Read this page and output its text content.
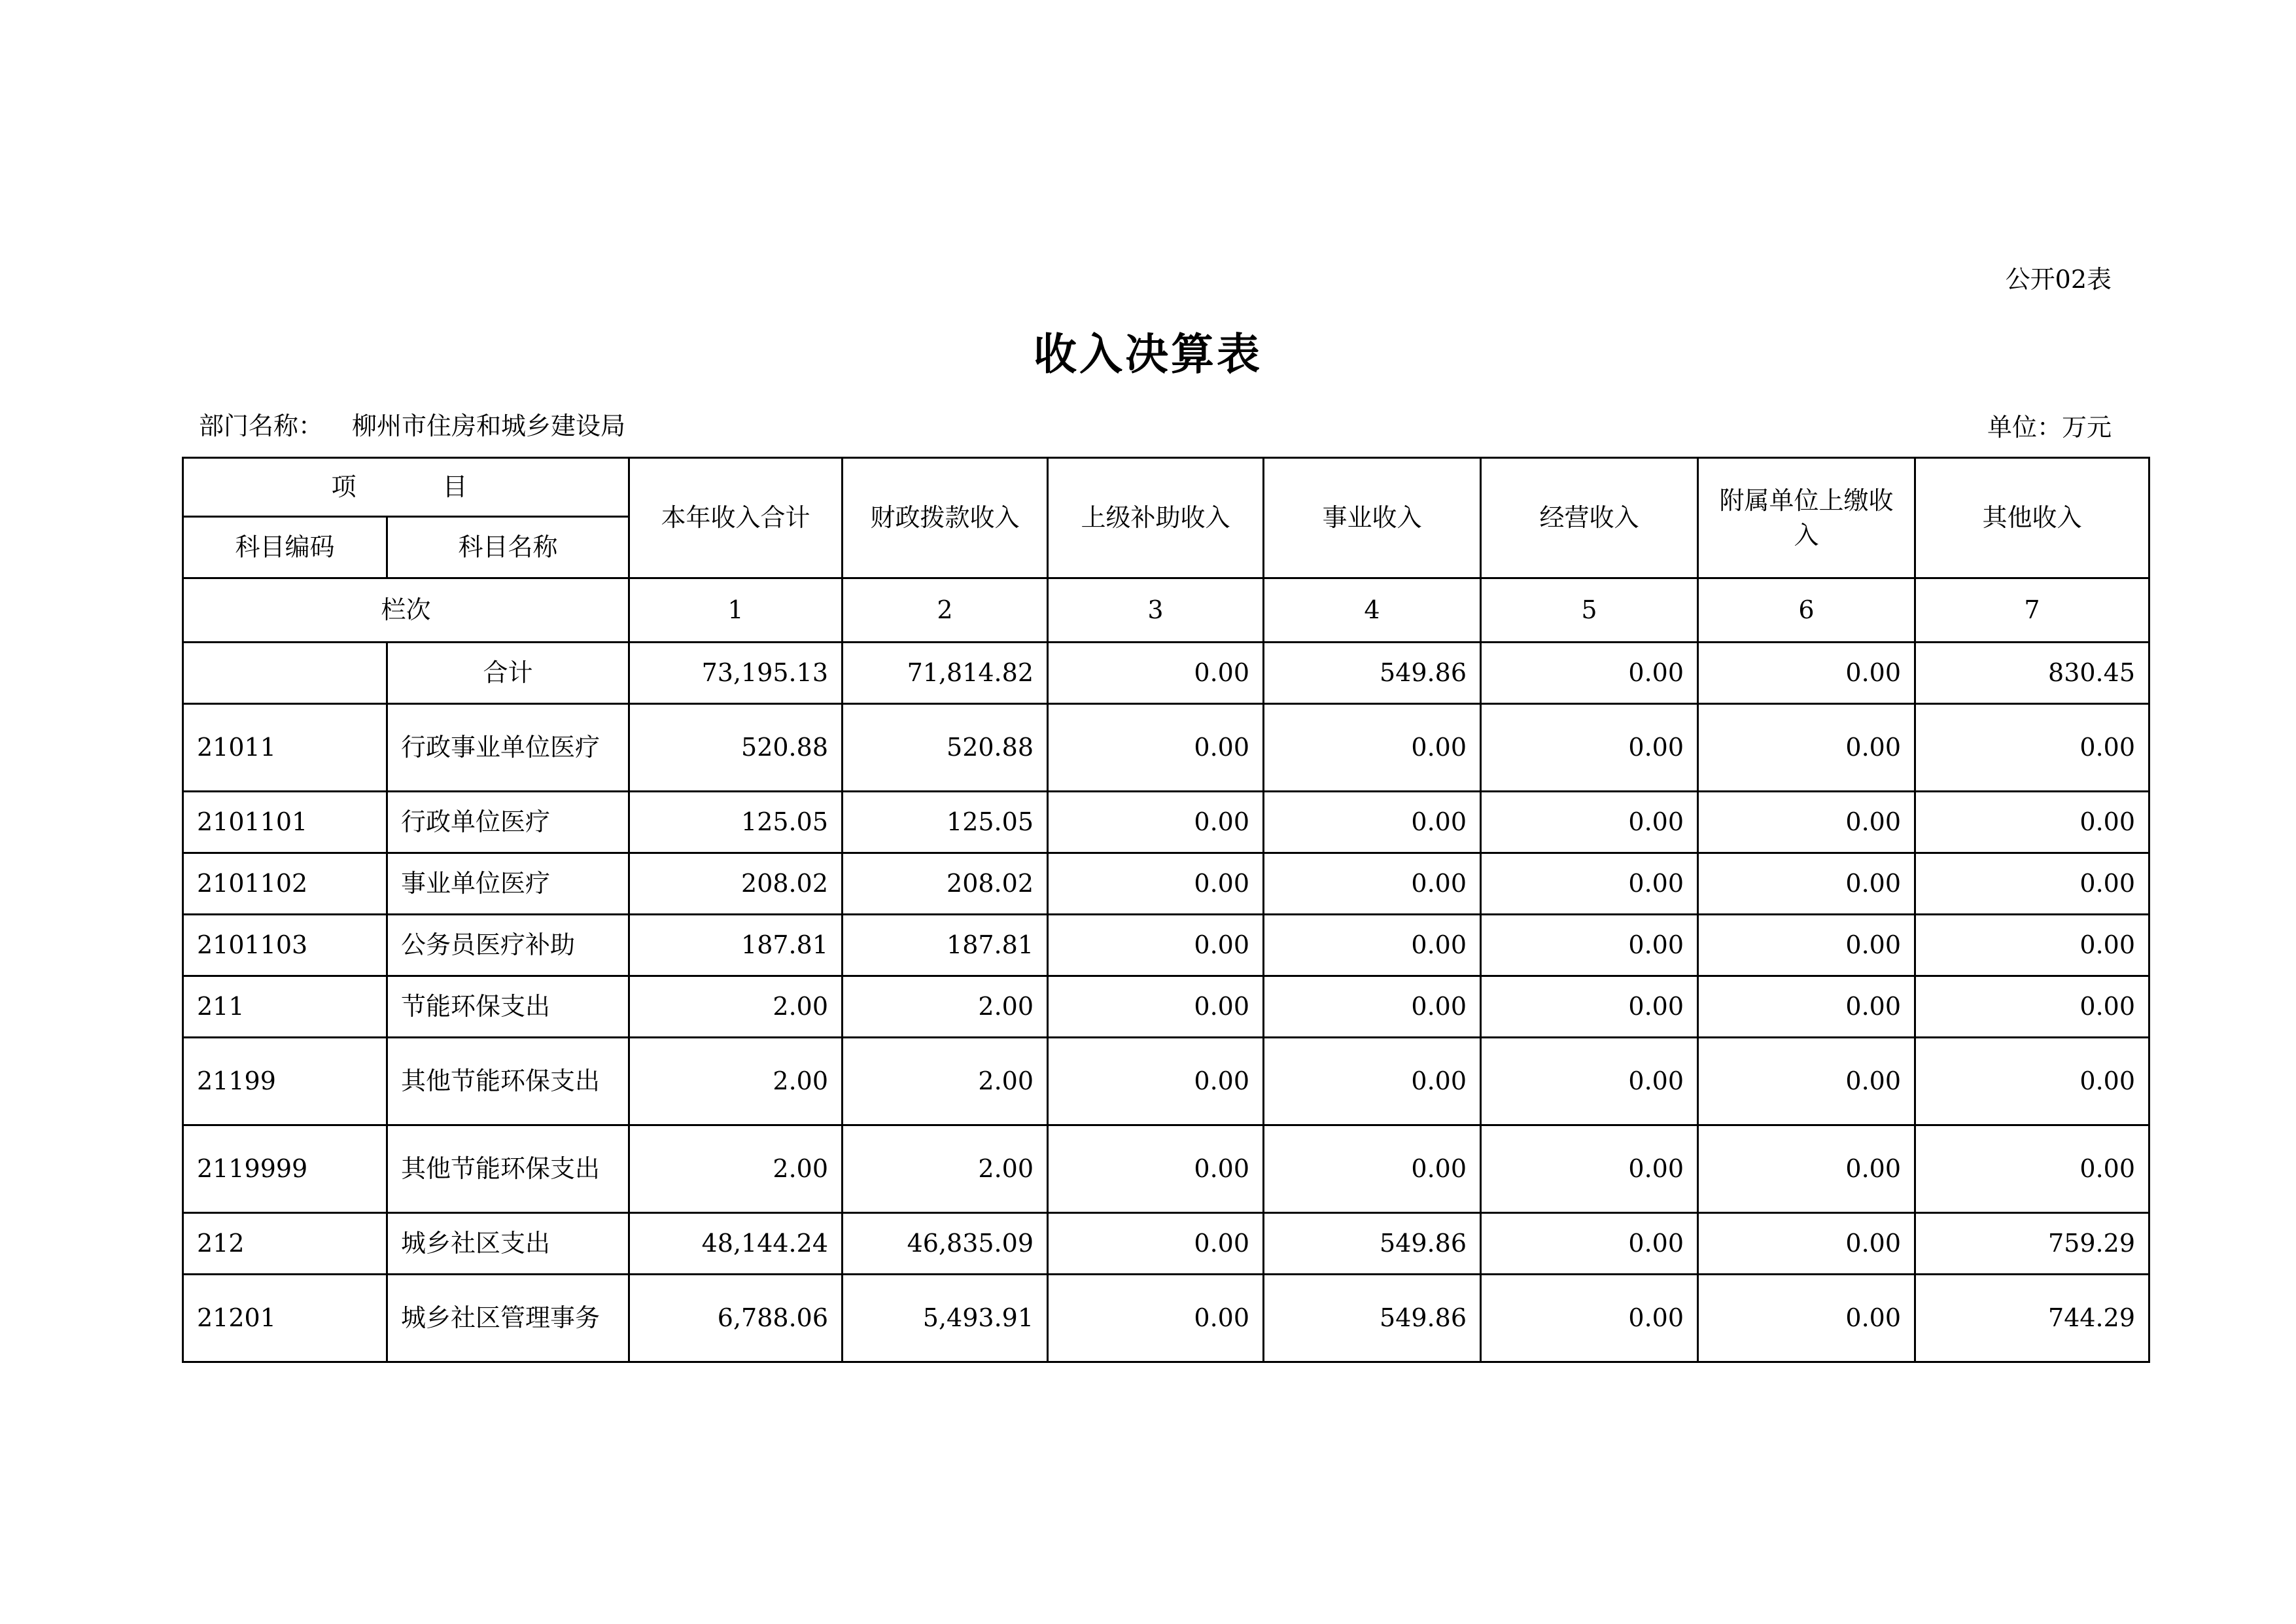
公开02表
收入决算表
部门名称： 柳州市住房和城乡建设局	单位：万元
项 目		本年收入合计	财政拨款收入	上级补助收入	事业收入	经营收入	附属单位上缴收入	其他收入
科目编码	科目名称							
栏次		1	2	3	4	5	6	7
	合计	73,195.13	71,814.82	0.00	549.86	0.00	0.00	830.45
21011	行政事业单位医疗	520.88	520.88	0.00	0.00	0.00	0.00	0.00
2101101	行政单位医疗	125.05	125.05	0.00	0.00	0.00	0.00	0.00
2101102	事业单位医疗	208.02	208.02	0.00	0.00	0.00	0.00	0.00
2101103	公务员医疗补助	187.81	187.81	0.00	0.00	0.00	0.00	0.00
211	节能环保支出	2.00	2.00	0.00	0.00	0.00	0.00	0.00
21199	其他节能环保支出	2.00	2.00	0.00	0.00	0.00	0.00	0.00
2119999	其他节能环保支出	2.00	2.00	0.00	0.00	0.00	0.00	0.00
212	城乡社区支出	48,144.24	46,835.09	0.00	549.86	0.00	0.00	759.29
21201	城乡社区管理事务	6,788.06	5,493.91	0.00	549.86	0.00	0.00	744.29
